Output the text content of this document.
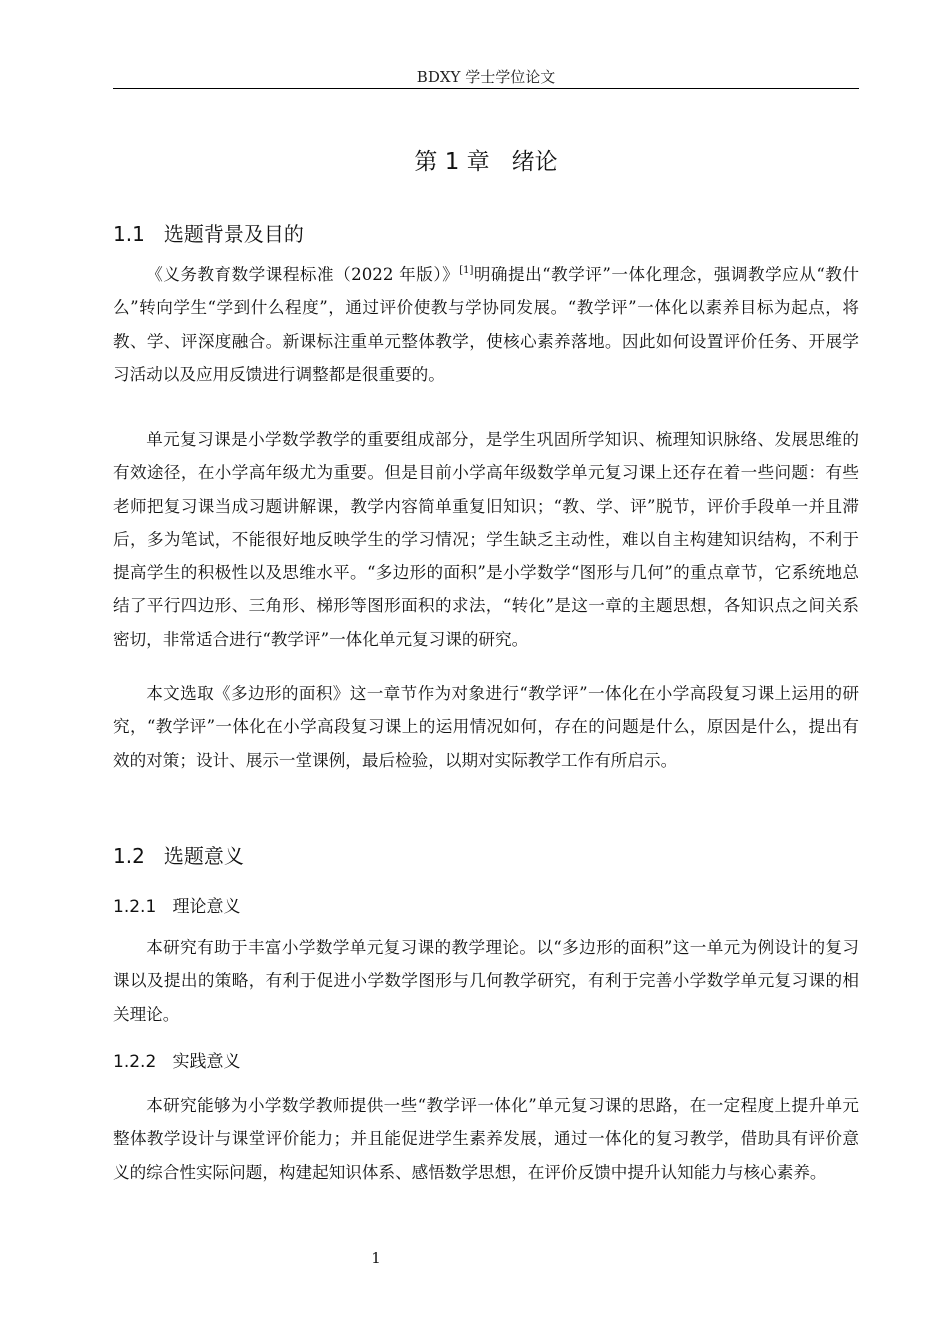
BDXY 学士学位论文
第 1 章   绪论
1.1   选题背景及目的

《义务教育数学课程标准（2022 年版）》[1]明确提出“教学评”一体化理念，强调教学应从“教什么”转向学生“学到什么程度”，通过评价使教与学协同发展。“教学评”一体化以素养目标为起点，将教、学、评深度融合。新课标注重单元整体教学，使核心素养落地。因此如何设置评价任务、开展学习活动以及应用反馈进行调整都是很重要的。

单元复习课是小学数学教学的重要组成部分，是学生巩固所学知识、梳理知识脉络、发展思维的有效途径，在小学高年级尤为重要。但是目前小学高年级数学单元复习课上还存在着一些问题：有些老师把复习课当成习题讲解课，教学内容简单重复旧知识；“教、学、评”脱节，评价手段单一并且滞后，多为笔试，不能很好地反映学生的学习情况；学生缺乏主动性，难以自主构建知识结构，不利于提高学生的积极性以及思维水平。“多边形的面积”是小学数学“图形与几何”的重点章节，它系统地总结了平行四边形、三角形、梯形等图形面积的求法，“转化”是这一章的主题思想，各知识点之间关系密切，非常适合进行“教学评”一体化单元复习课的研究。

本文选取《多边形的面积》这一章节作为对象进行“教学评”一体化在小学高段复习课上运用的研究，“教学评”一体化在小学高段复习课上的运用情况如何，存在的问题是什么，原因是什么，提出有效的对策；设计、展示一堂课例，最后检验，以期对实际教学工作有所启示。

1.2   选题意义
1.2.1   理论意义

本研究有助于丰富小学数学单元复习课的教学理论。以“多边形的面积”这一单元为例设计的复习课以及提出的策略，有利于促进小学数学图形与几何教学研究，有利于完善小学数学单元复习课的相关理论。

1.2.2   实践意义

本研究能够为小学数学教师提供一些“教学评一体化”单元复习课的思路，在一定程度上提升单元整体教学设计与课堂评价能力；并且能促进学生素养发展，通过一体化的复习教学，借助具有评价意义的综合性实际问题，构建起知识体系、感悟数学思想，在评价反馈中提升认知能力与核心素养。

1
